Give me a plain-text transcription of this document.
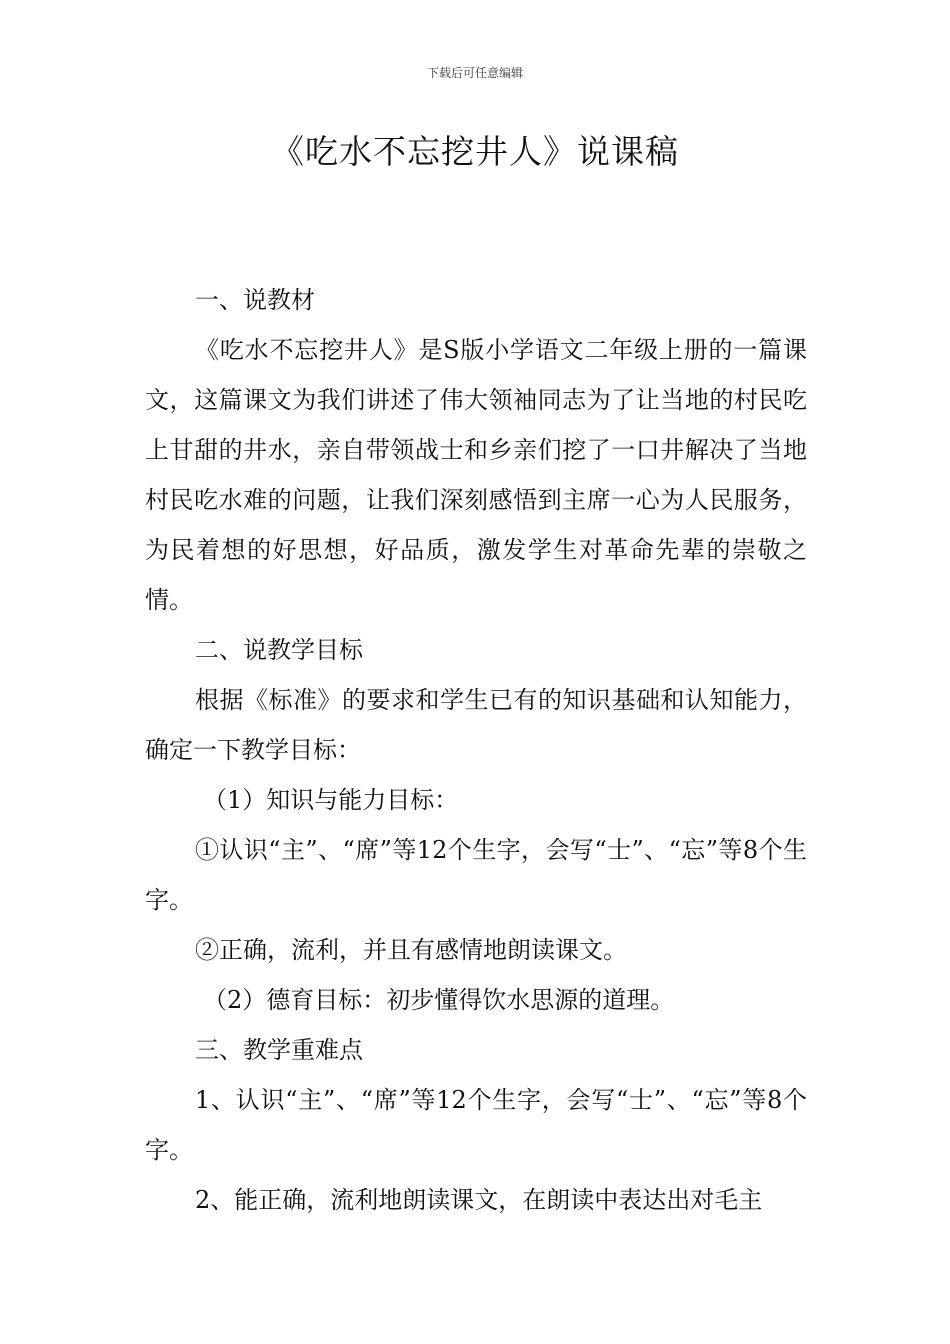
下载后可任意编辑
《吃水不忘挖井人》说课稿

一、说教材

《吃水不忘挖井人》是S版小学语文二年级上册的一篇课文，这篇课文为我们讲述了伟大领袖同志为了让当地的村民吃上甘甜的井水，亲自带领战士和乡亲们挖了一口井解决了当地村民吃水难的问题，让我们深刻感悟到主席一心为人民服务，为民着想的好思想，好品质，激发学生对革命先辈的崇敬之情。

二、说教学目标

根据《标准》的要求和学生已有的知识基础和认知能力，确定一下教学目标：

（1）知识与能力目标：

①认识“主”、“席”等12个生字，会写“士”、“忘”等8个生字。

②正确，流利，并且有感情地朗读课文。

（2）德育目标：初步懂得饮水思源的道理。

三、教学重难点

1、认识“主”、“席”等12个生字，会写“士”、“忘”等8个字。

2、能正确，流利地朗读课文，在朗读中表达出对毛主
